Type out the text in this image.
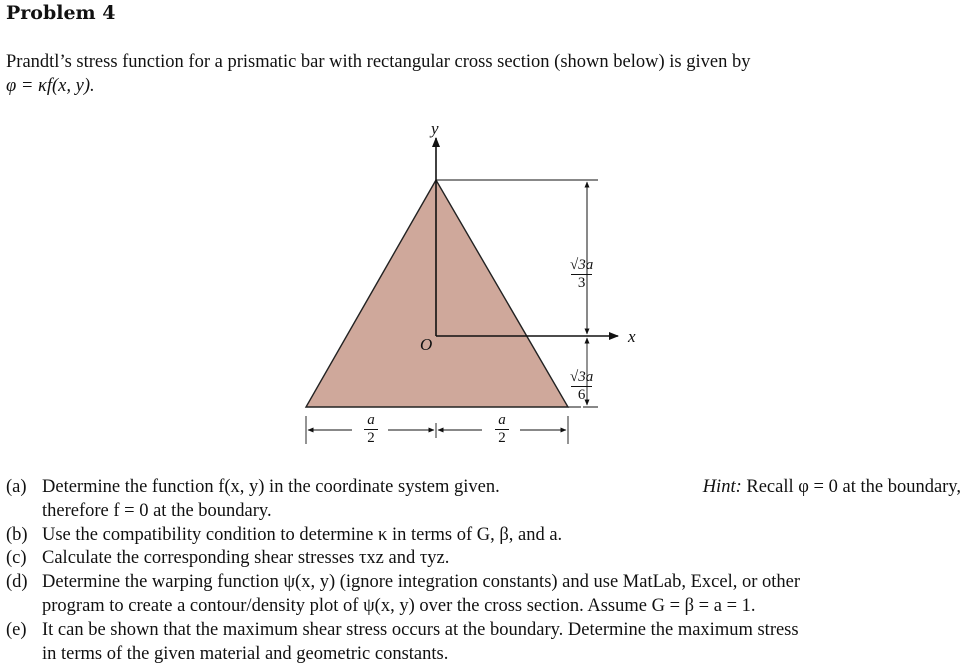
Problem 4
Prandtl’s stress function for a prismatic bar with rectangular cross section (shown below) is given by
φ = κf(x, y).
y
x
O
√3a
3
√3a
6
a
2
a
2
(a) Determine the function f(x, y) in the coordinate system given.	Hint: Recall φ = 0 at the boundary,
therefore f = 0 at the boundary.
(b) Use the compatibility condition to determine κ in terms of G, β, and a.
(c) Calculate the corresponding shear stresses τxz and τyz.
(d) Determine the warping function ψ(x, y) (ignore integration constants) and use MatLab, Excel, or other
program to create a contour/density plot of ψ(x, y) over the cross section. Assume G = β = a = 1.
(e) It can be shown that the maximum shear stress occurs at the boundary. Determine the maximum stress
in terms of the given material and geometric constants.
